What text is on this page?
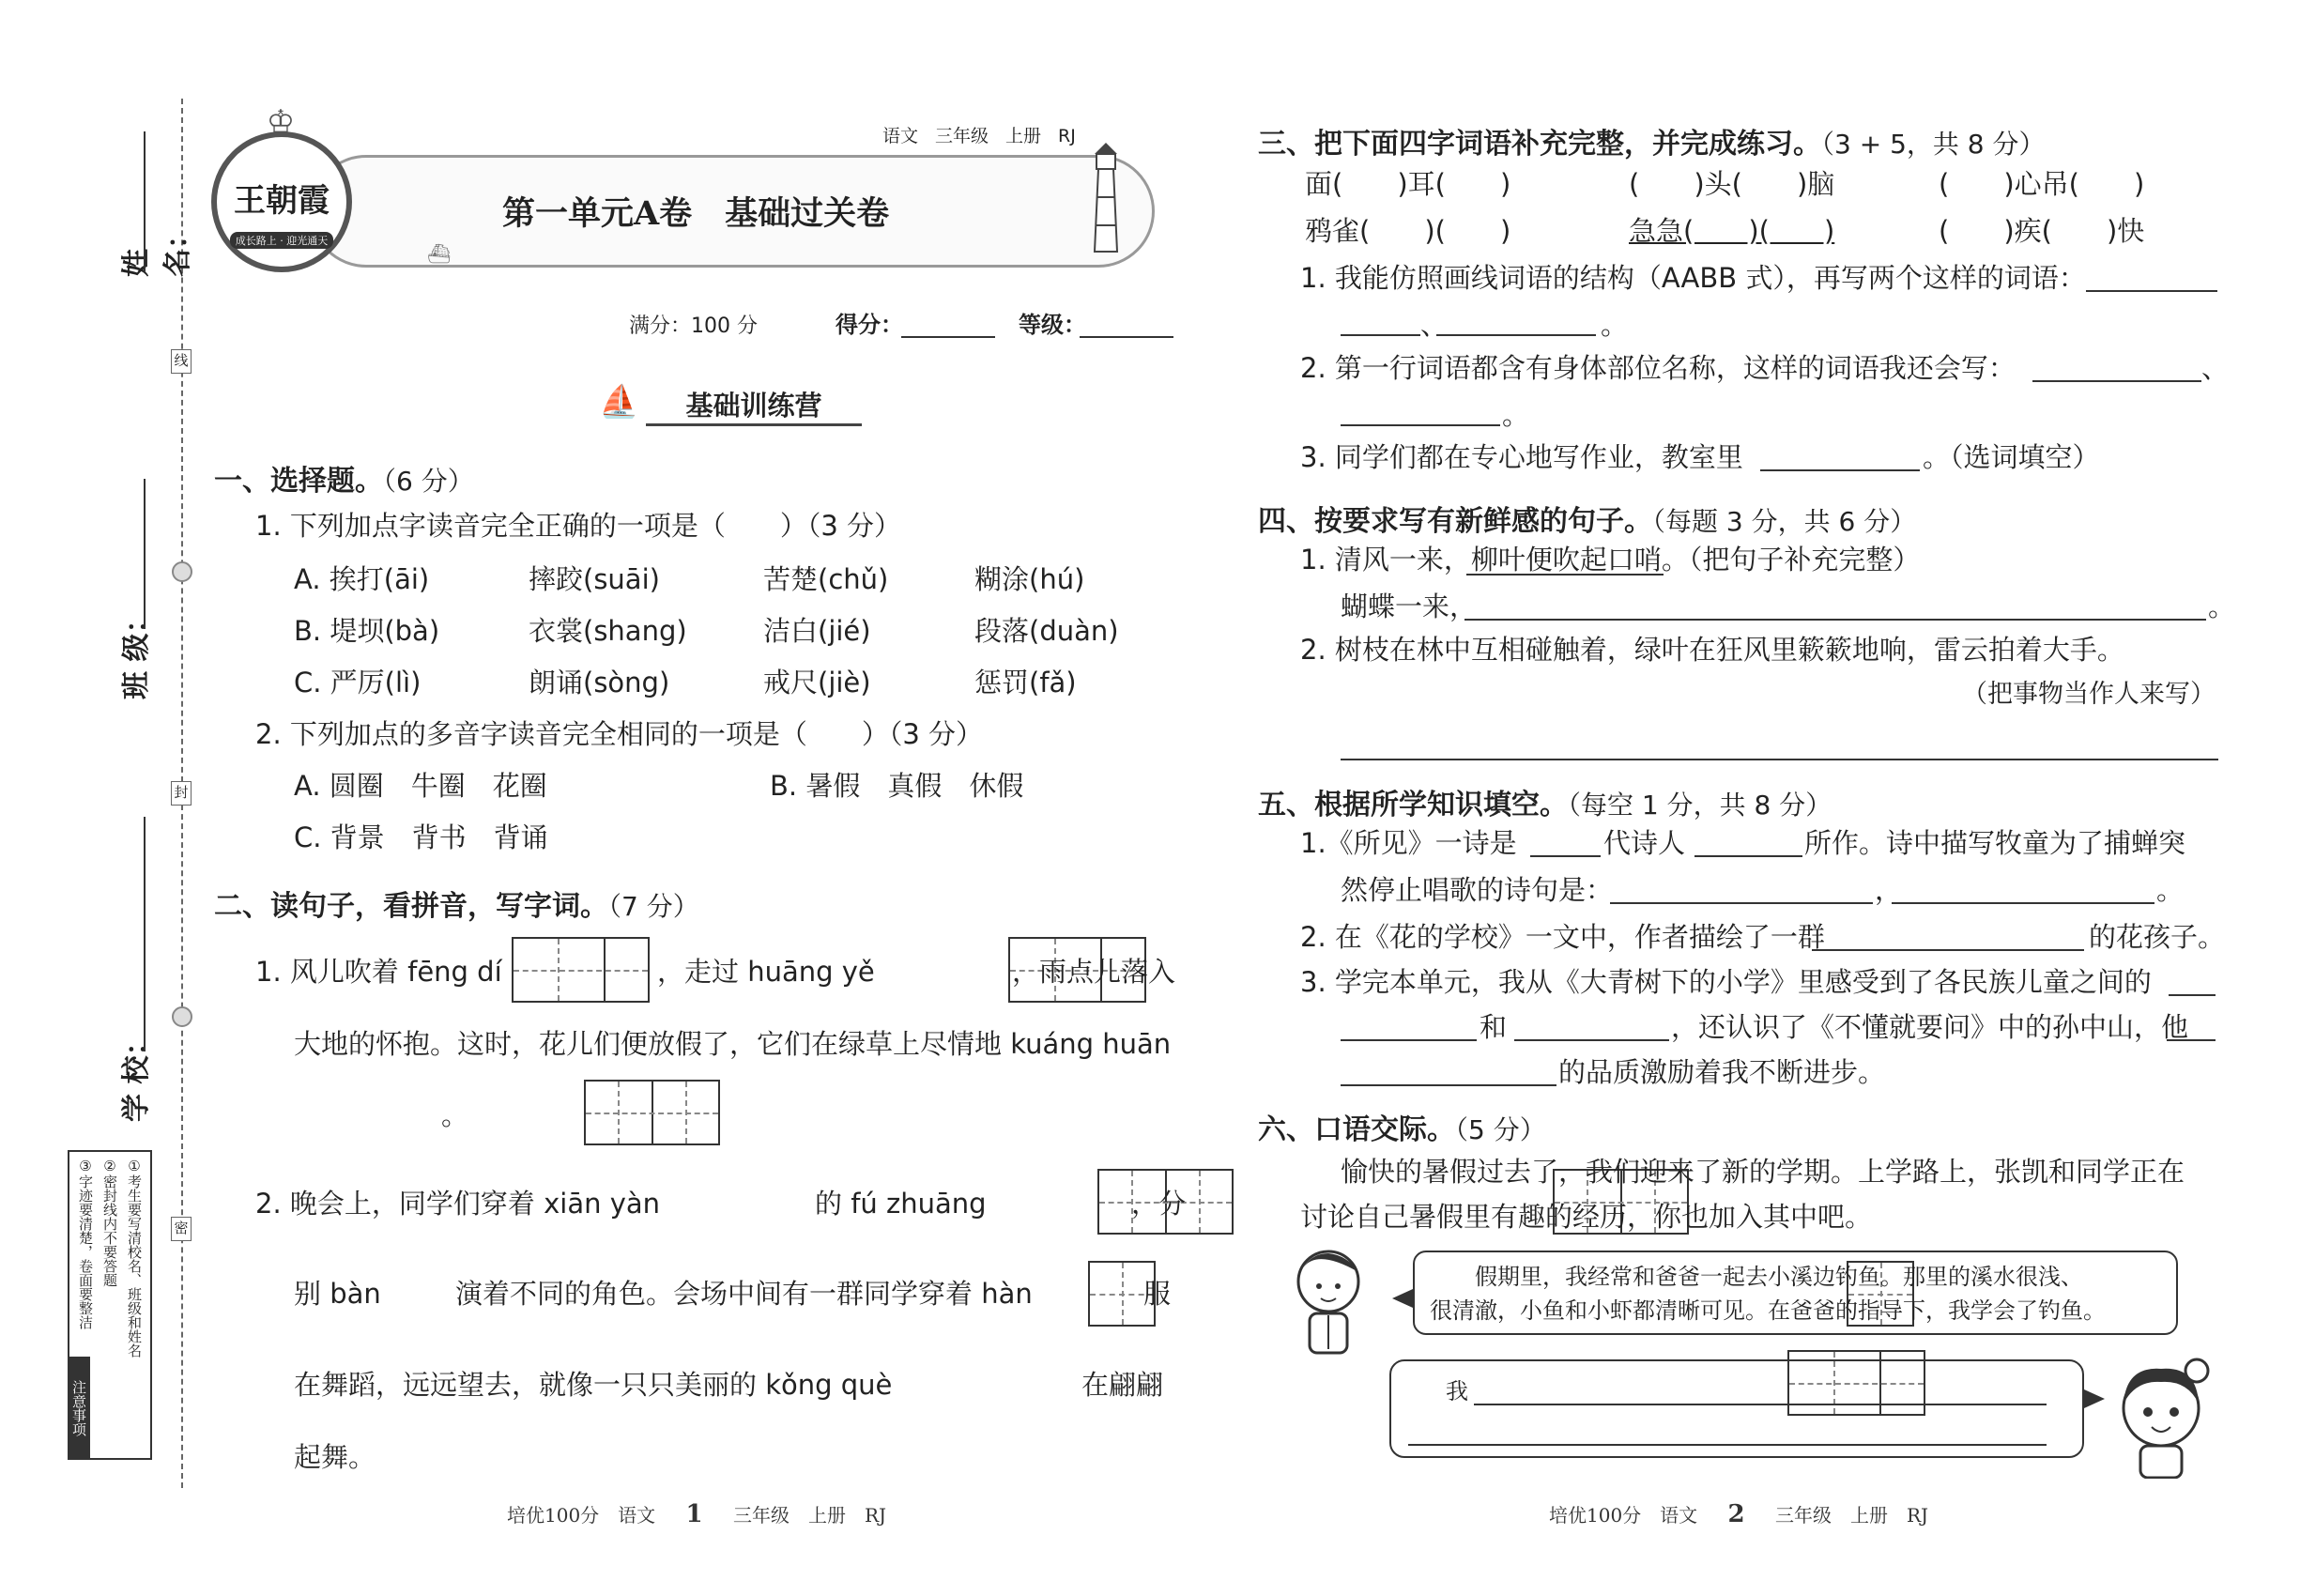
姓 名：
班 级：
学 校：
线
封
密
①考生要写清校名、班级和姓名
②密封线内不要答题
③字迹要清楚，卷面要整洁
注意事项
王朝霞
成长路上 · 迎光通天
♔	语文 三年级 上册 RJ
⛴
第一单元A卷　基础过关卷
满分：100 分	得分：	等级：
⛵	基础训练营
一、选择题。（6 分）
1. 下列加点字读音完全正确的一项是（　　）（3 分）
A. 挨打(āi)	摔跤(suāi)	苦楚(chǔ)	糊涂(hú)
B. 堤坝(bà)	衣裳(shang)	洁白(jié)	段落(duàn)
C. 严厉(lì)	朗诵(sòng)	戒尺(jiè)	惩罚(fǎ)
2. 下列加点的多音字读音完全相同的一项是（　　）（3 分）
A. 圆圈　牛圈　花圈	B. 暑假　真假　休假
C. 背景　背书　背诵
二、读句子，看拼音，写字词。（7 分）
1. 风儿吹着 fēng dí
	，走过 huāng yě
	，雨点儿落入
大地的怀抱。这时，花儿们便放假了，它们在绿草上尽情地 kuáng huān

。
2. 晚会上，同学们穿着 xiān yàn
	的 fú zhuāng
	，分
别 bàn
	演着不同的角色。会场中间有一群同学穿着 hàn
	服
在舞蹈，远远望去，就像一只只美丽的 kǒng què	在翩翩
起舞。
培优100分　语文 1 三年级　上册　RJ
三、把下面四字词语补充完整，并完成练习。（3 + 5，共 8 分）
面(　　)耳(　　)	(　　)头(　　)脑	(　　)心吊(　　)
鸦雀(　　)(　　)	急急(　　)(　　)	(　　)疾(　　)快
1. 我能仿照画线词语的结构（AABB 式），再写两个这样的词语：
、	。
2. 第一行词语都含有身体部位名称，这样的词语我还会写：	、
。
3. 同学们都在专心地写作业，教室里	。（选词填空）
四、按要求写有新鲜感的句子。（每题 3 分，共 6 分）
1. 清风一来，柳叶便吹起口哨。（把句子补充完整）
蝴蝶一来，	。
2. 树枝在林中互相碰触着，绿叶在狂风里簌簌地响，雷云拍着大手。
（把事物当作人来写）
五、根据所学知识填空。（每空 1 分，共 8 分）
1.《所见》一诗是	代诗人	所作。诗中描写牧童为了捕蝉突
然停止唱歌的诗句是：	，	。
2. 在《花的学校》一文中，作者描绘了一群	的花孩子。
3. 学完本单元，我从《大青树下的小学》里感受到了各民族儿童之间的
和	，还认识了《不懂就要问》中的孙中山，他
的品质激励着我不断进步。
六、口语交际。（5 分）
愉快的暑假过去了，我们迎来了新的学期。上学路上，张凯和同学正在
讨论自己暑假里有趣的经历，你也加入其中吧。
假期里，我经常和爸爸一起去小溪边钓鱼。那里的溪水很浅、
很清澈，小鱼和小虾都清晰可见。在爸爸的指导下，我学会了钓鱼。
我
培优100分　语文 2 三年级　上册　RJ
